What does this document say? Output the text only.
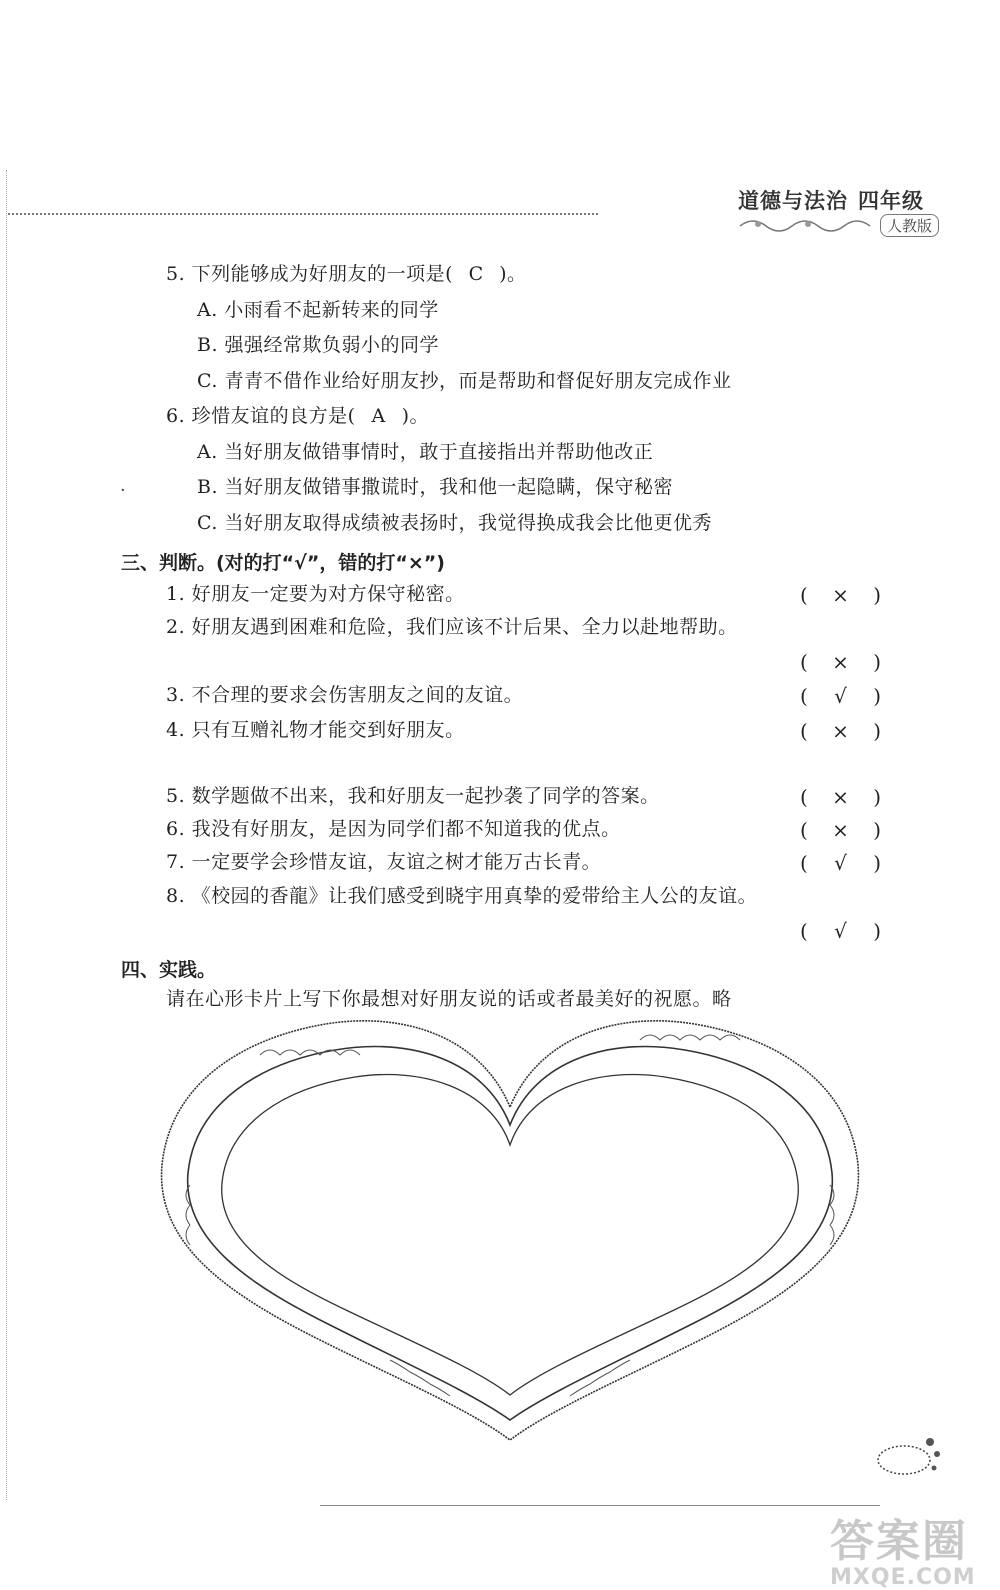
道德与法治 四年级
人教版
5. 下列能够成为好朋友的一项是( C )。
A. 小雨看不起新转来的同学
B. 强强经常欺负弱小的同学
C. 青青不借作业给好朋友抄，而是帮助和督促好朋友完成作业
6. 珍惜友谊的良方是( A )。
A. 当好朋友做错事情时，敢于直接指出并帮助他改正
·	B. 当好朋友做错事撒谎时，我和他一起隐瞒，保守秘密
C. 当好朋友取得成绩被表扬时，我觉得换成我会比他更优秀
三、判断。(对的打“√”，错的打“×”)
1. 好朋友一定要为对方保守秘密。	(  ×  )
2. 好朋友遇到困难和危险，我们应该不计后果、全力以赴地帮助。
(  ×  )
3. 不合理的要求会伤害朋友之间的友谊。	(  √  )
4. 只有互赠礼物才能交到好朋友。	(  ×  )
5. 数学题做不出来，我和好朋友一起抄袭了同学的答案。	(  ×  )
6. 我没有好朋友，是因为同学们都不知道我的优点。	(  ×  )
7. 一定要学会珍惜友谊，友谊之树才能万古长青。	(  √  )
8. 《校园的香龍》让我们感受到晓宇用真挚的爱带给主人公的友谊。
(  √  )
四、实践。
请在心形卡片上写下你最想对好朋友说的话或者最美好的祝愿。略
答案圈
MXQE.COM
